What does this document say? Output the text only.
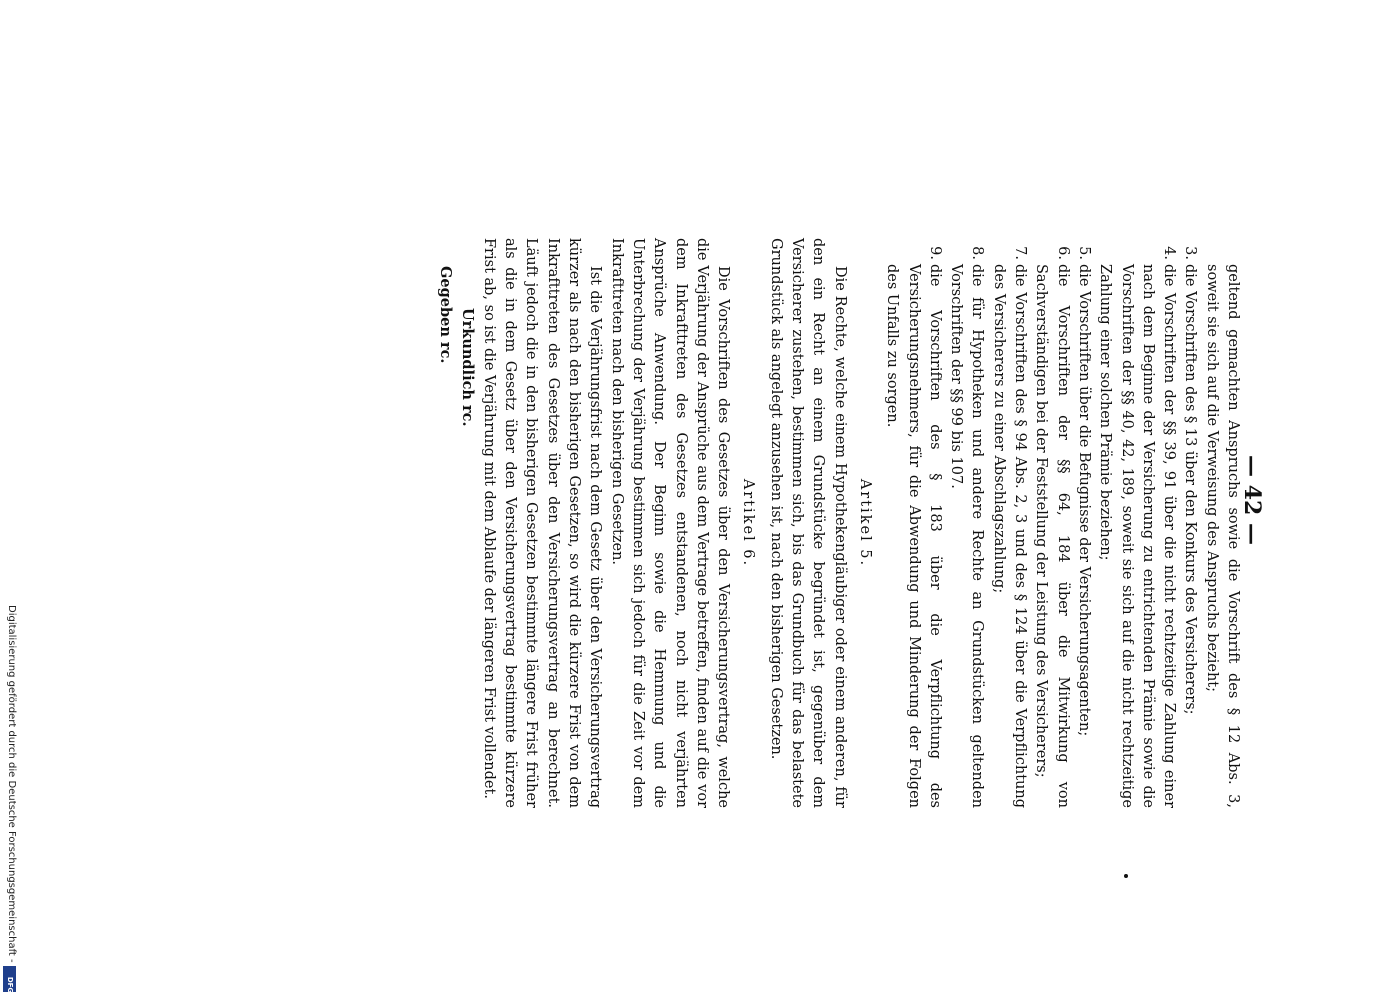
— 42 —

geltend gemachten Anspruchs sowie die Vorschrift des § 12 Abs. 3, soweit sie sich auf die Verweisung des Anspruchs bezieht;

3.
die Vorschriften des § 13 über den Konkurs des Versicherers;
4.
die Vorschriften der §§ 39, 91 über die nicht rechtzeitige Zahlung einer nach dem Beginne der Versicherung zu entrichtenden Prämie sowie die Vorschriften der §§ 40, 42, 189, soweit sie sich auf die nicht rechtzeitige Zahlung einer solchen Prämie beziehen;
5.
die Vorschriften über die Befugnisse der Versicherungsagenten;
6.
die Vorschriften der §§ 64, 184 über die Mitwirkung von Sachverständigen bei der Feststellung der Leistung des Versicherers;
7.
die Vorschriften des § 94 Abs. 2, 3 und des § 124 über die Verpflichtung des Versicherers zu einer Abschlagszahlung;
8.
die für Hypotheken und andere Rechte an Grundstücken geltenden Vorschriften der §§ 99 bis 107.
9.
die Vorschriften des § 183 über die Verpflichtung des Versicherungsnehmers, für die Abwendung und Minderung der Folgen des Unfalls zu sorgen.
Artikel 5.

Die Rechte, welche einem Hypothekengläubiger oder einem anderen, für den ein Recht an einem Grundstücke begründet ist, gegenüber dem Versicherer zustehen, bestimmen sich, bis das Grundbuch für das belastete Grundstück als angelegt anzusehen ist, nach den bisherigen Gesetzen.

Artikel 6.

Die Vorschriften des Gesetzes über den Versicherungsvertrag, welche die Verjährung der Ansprüche aus dem Vertrage betreffen, finden auf die vor dem Inkrafttreten des Gesetzes entstandenen, noch nicht verjährten Ansprüche Anwendung. Der Beginn sowie die Hemmung und die Unterbrechung der Verjährung bestimmen sich jedoch für die Zeit vor dem Inkrafttreten nach den bisherigen Gesetzen.

Ist die Verjährungsfrist nach dem Gesetz über den Versicherungsvertrag kürzer als nach den bisherigen Gesetzen, so wird die kürzere Frist von dem Inkrafttreten des Gesetzes über den Versicherungsvertrag an berechnet. Läuft jedoch die in den bisherigen Gesetzen bestimmte längere Frist früher als die in dem Gesetz über den Versicherungsvertrag bestimmte kürzere Frist ab, so ist die Verjährung mit dem Ablaufe der längeren Frist vollendet.

Urkundlich rc.

Gegeben rc.

Digitalisierung gefördert durch die Deutsche Forschungsgemeinschaft -
DFG
